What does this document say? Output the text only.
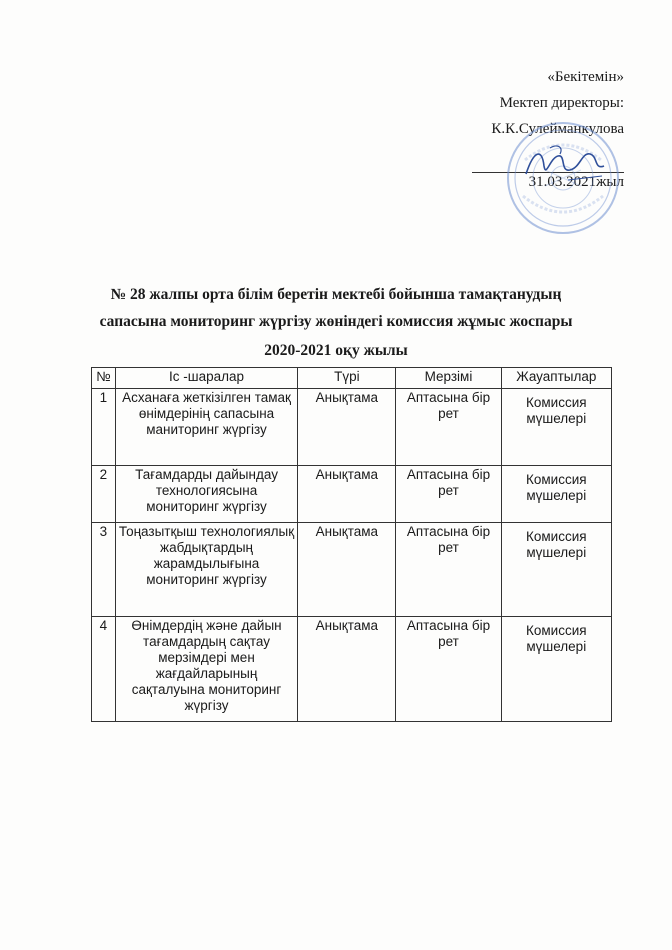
«Бекітемін»
Мектеп директоры:
К.К.Сулейманкулова
31.03.2021жыл
№ 28 жалпы орта білім беретін мектебі бойынша тамақтанудың
сапасына мониторинг жүргізу жөніндегі комиссия жұмыс жоспары
2020-2021 оқу жылы
№	Іс -шаралар	Түрі	Мерзімі	Жауаптылар
1	Асханаға жеткізілген тамақ өнімдерінің сапасына маниторинг жүргізу	Анықтама	Аптасына бір рет	Комиссия мүшелері
2	Тағамдарды дайындау технологиясына мониторинг жүргізу	Анықтама	Аптасына бір рет	Комиссия мүшелері
3	Тоңазытқыш технологиялық жабдықтардың жарамдылығына мониторинг жүргізу	Анықтама	Аптасына бір рет	Комиссия мүшелері
4	Өнімдердің және дайын тағамдардың сақтау мерзімдері мен жағдайларының сақталуына мониторинг жүргізу	Анықтама	Аптасына бір рет	Комиссия мүшелері
